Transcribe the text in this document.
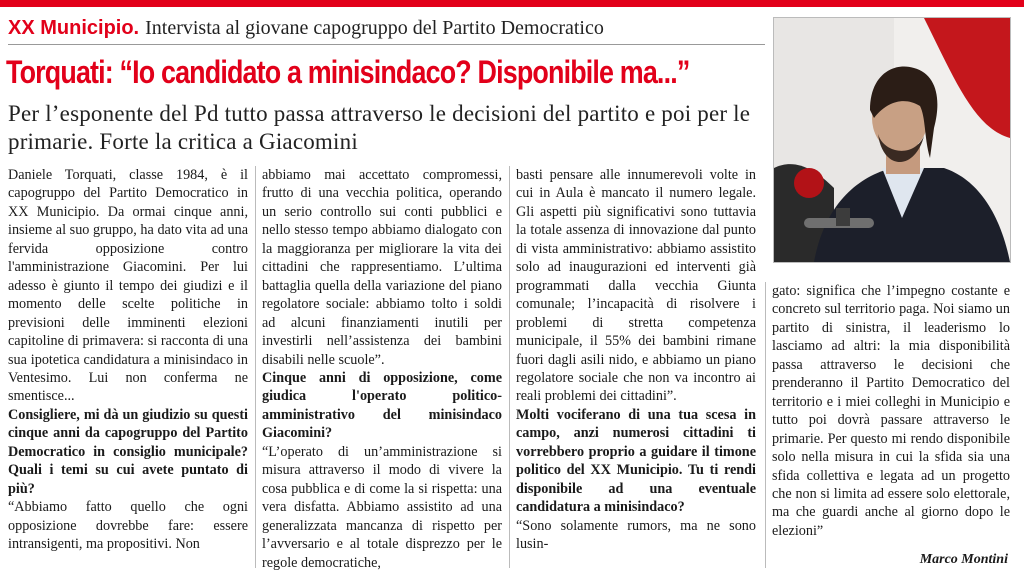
XX Municipio. Intervista al giovane capogruppo del Partito Democratico
Torquati: “Io candidato a minisindaco? Disponibile ma...”
Per l’esponente del Pd tutto passa attraverso le decisioni del partito e poi per le primarie. Forte la critica a Giacomini

Daniele Torquati, classe 1984, è il capogruppo del Partito Democratico in XX Municipio. Da ormai cinque anni, insieme al suo gruppo, ha dato vita ad una fervida opposizione contro l'amministrazione Giacomini. Per lui adesso è giunto il tempo dei giudizi e il momento delle scelte politiche in previsioni delle imminenti elezioni capitoline di primavera: si racconta di una sua ipotetica candidatura a minisindaco in Ventesimo. Lui non conferma ne smentisce...

Consigliere, mi dà un giudizio su questi cinque anni da capogruppo del Partito Democratico in consiglio municipale? Quali i temi su cui avete puntato di più?

“Abbiamo fatto quello che ogni opposizione dovrebbe fare: essere intransigenti, ma propositivi. Non

abbiamo mai accettato compromessi, frutto di una vecchia politica, operando un serio controllo sui conti pubblici e nello stesso tempo abbiamo dialogato con la maggioranza per migliorare la vita dei cittadini che rappresentiamo. L’ultima battaglia quella della variazione del piano regolatore sociale: abbiamo tolto i soldi ad alcuni finanziamenti inutili per investirli nell’assistenza dei bambini disabili nelle scuole”.

Cinque anni di opposizione, come giudica l'operato politico-amministrativo del minisindaco Giacomini?

“L’operato di un’amministrazione si misura attraverso il modo di vivere la cosa pubblica e di come la si rispetta: una vera disfatta. Abbiamo assistito ad una generalizzata mancanza di rispetto per l’avversario e al totale disprezzo per le regole democratiche,

basti pensare alle innumerevoli volte in cui in Aula è mancato il numero legale. Gli aspetti più significativi sono tuttavia la totale assenza di innovazione dal punto di vista amministrativo: abbiamo assistito solo ad inaugurazioni ed interventi già programmati dalla vecchia Giunta comunale; l’incapacità di risolvere i problemi di stretta competenza municipale, il 55% dei bambini rimane fuori dagli asili nido, e abbiamo un piano regolatore sociale che non va incontro ai reali problemi dei cittadini”.

Molti vociferano di una tua scesa in campo, anzi numerosi cittadini ti vorrebbero proprio a guidare il timone politico del XX Municipio. Tu ti rendi disponibile ad una eventuale candidatura a minisindaco?

“Sono solamente rumors, ma ne sono lusin-

gato: significa che l’impegno costante e concreto sul territorio paga. Noi siamo un partito di sinistra, il leaderismo lo lasciamo ad altri: la mia disponibilità passa attraverso le decisioni che prenderanno il Partito Democratico del territorio e i miei colleghi in Municipio e tutto poi dovrà passare attraverso le primarie. Per questo mi rendo disponibile solo nella misura in cui la sfida sia una sfida collettiva e legata ad un progetto che non si limita ad essere solo elettorale, ma che guardi anche al giorno dopo le elezioni”

Marco Montini
